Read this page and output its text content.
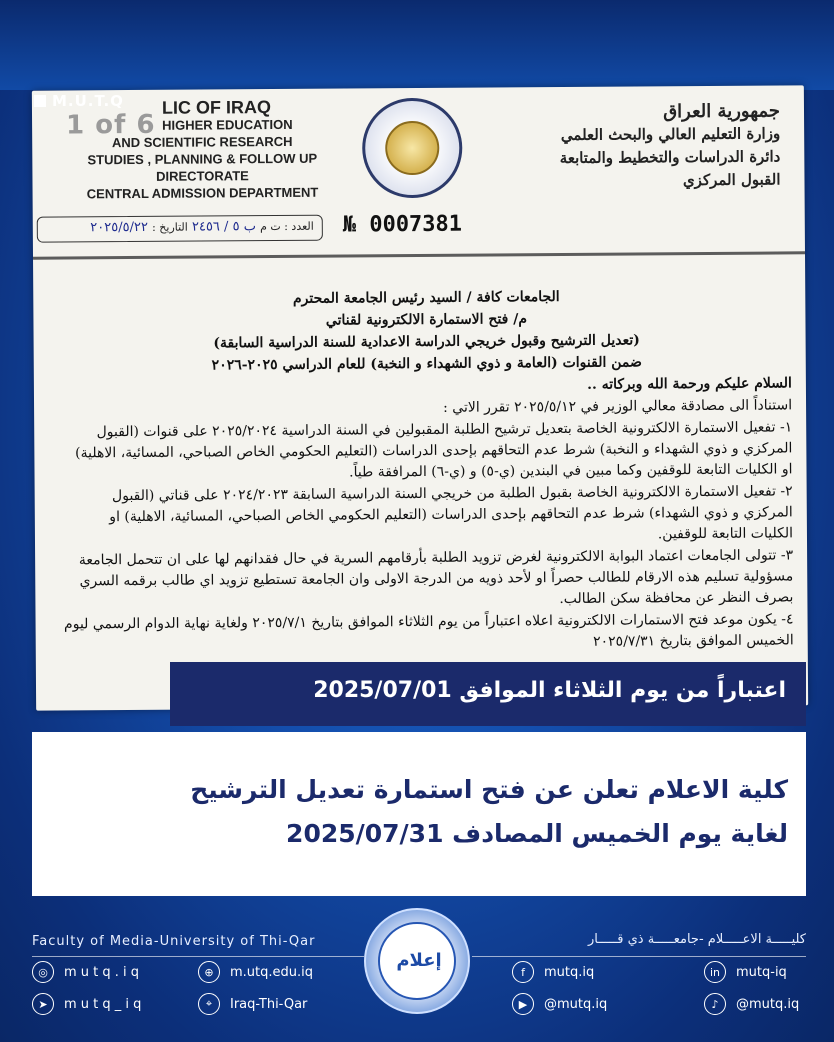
1 of 6
LIC OF IRAQ
HIGHER EDUCATION
AND SCIENTIFIC RESEARCH
STUDIES , PLANNING & FOLLOW UP DIRECTORATE
CENTRAL ADMISSION DEPARTMENT
جمهورية العراق
وزارة التعليم العالي والبحث العلمي
دائرة الدراسات والتخطيط والمتابعة
القبول المركزي
العدد : ت م ب ٥ / ٢٤٥٦ التاريخ : ٢٠٢٥/٥/٢٢	№ 0007381

الجامعات كافة / السيد رئيس الجامعة المحترم

م/ فتح الاستمارة الالكترونية لقناتي

(تعديل الترشيح وقبول خريجي الدراسة الاعدادية للسنة الدراسية السابقة)

ضمن القنوات (العامة و ذوي الشهداء و النخبة) للعام الدراسي ٢٠٢٥-٢٠٢٦

السلام عليكم ورحمة الله وبركاته ..

استناداً الى مصادقة معالي الوزير في ٢٠٢٥/٥/١٢ تقرر الاتي :

١- تفعيل الاستمارة الالكترونية الخاصة بتعديل ترشيح الطلبة المقبولين في السنة الدراسية ٢٠٢٥/٢٠٢٤ على قنوات (القبول المركزي و ذوي الشهداء و النخبة) شرط عدم التحاقهم بإحدى الدراسات (التعليم الحكومي الخاص الصباحي، المسائية، الاهلية) او الكليات التابعة للوقفين وكما مبين في البندين (ي-٥) و (ي-٦) المرافقة طياً.

٢- تفعيل الاستمارة الالكترونية الخاصة بقبول الطلبة من خريجي السنة الدراسية السابقة ٢٠٢٤/٢٠٢٣ على قناتي (القبول المركزي و ذوي الشهداء) شرط عدم التحاقهم بإحدى الدراسات (التعليم الحكومي الخاص الصباحي، المسائية، الاهلية) او الكليات التابعة للوقفين.

٣- تتولى الجامعات اعتماد البوابة الالكترونية لغرض تزويد الطلبة بأرقامهم السرية في حال فقدانهم لها على ان تتحمل الجامعة مسؤولية تسليم هذه الارقام للطالب حصراً او لأحد ذويه من الدرجة الاولى وان الجامعة تستطيع تزويد اي طالب برقمه السري بصرف النظر عن محافظة سكن الطالب.

٤- يكون موعد فتح الاستمارات الالكترونية اعلاه اعتباراً من يوم الثلاثاء الموافق بتاريخ ٢٠٢٥/٧/١ ولغاية نهاية الدوام الرسمي ليوم الخميس الموافق بتاريخ ٢٠٢٥/٧/٣١

M.U.T.Q
اعتباراً من يوم الثلاثاء الموافق 2025/07/01
كلية الاعلام تعلن عن فتح استمارة تعديل الترشيح
لغاية يوم الخميس المصادف 2025/07/31
Faculty of Media-University of Thi-Qar	كليـــــة الاعـــــلام -جامعـــــة ذي قـــــار
إعلام
◎	m u t q . i q	⊕	m.utq.edu.iq	f	mutq.iq	in	mutq-iq
➤	m u t q _ i q	⌖	Iraq-Thi-Qar	▶	@mutq.iq	♪	@mutq.iq
